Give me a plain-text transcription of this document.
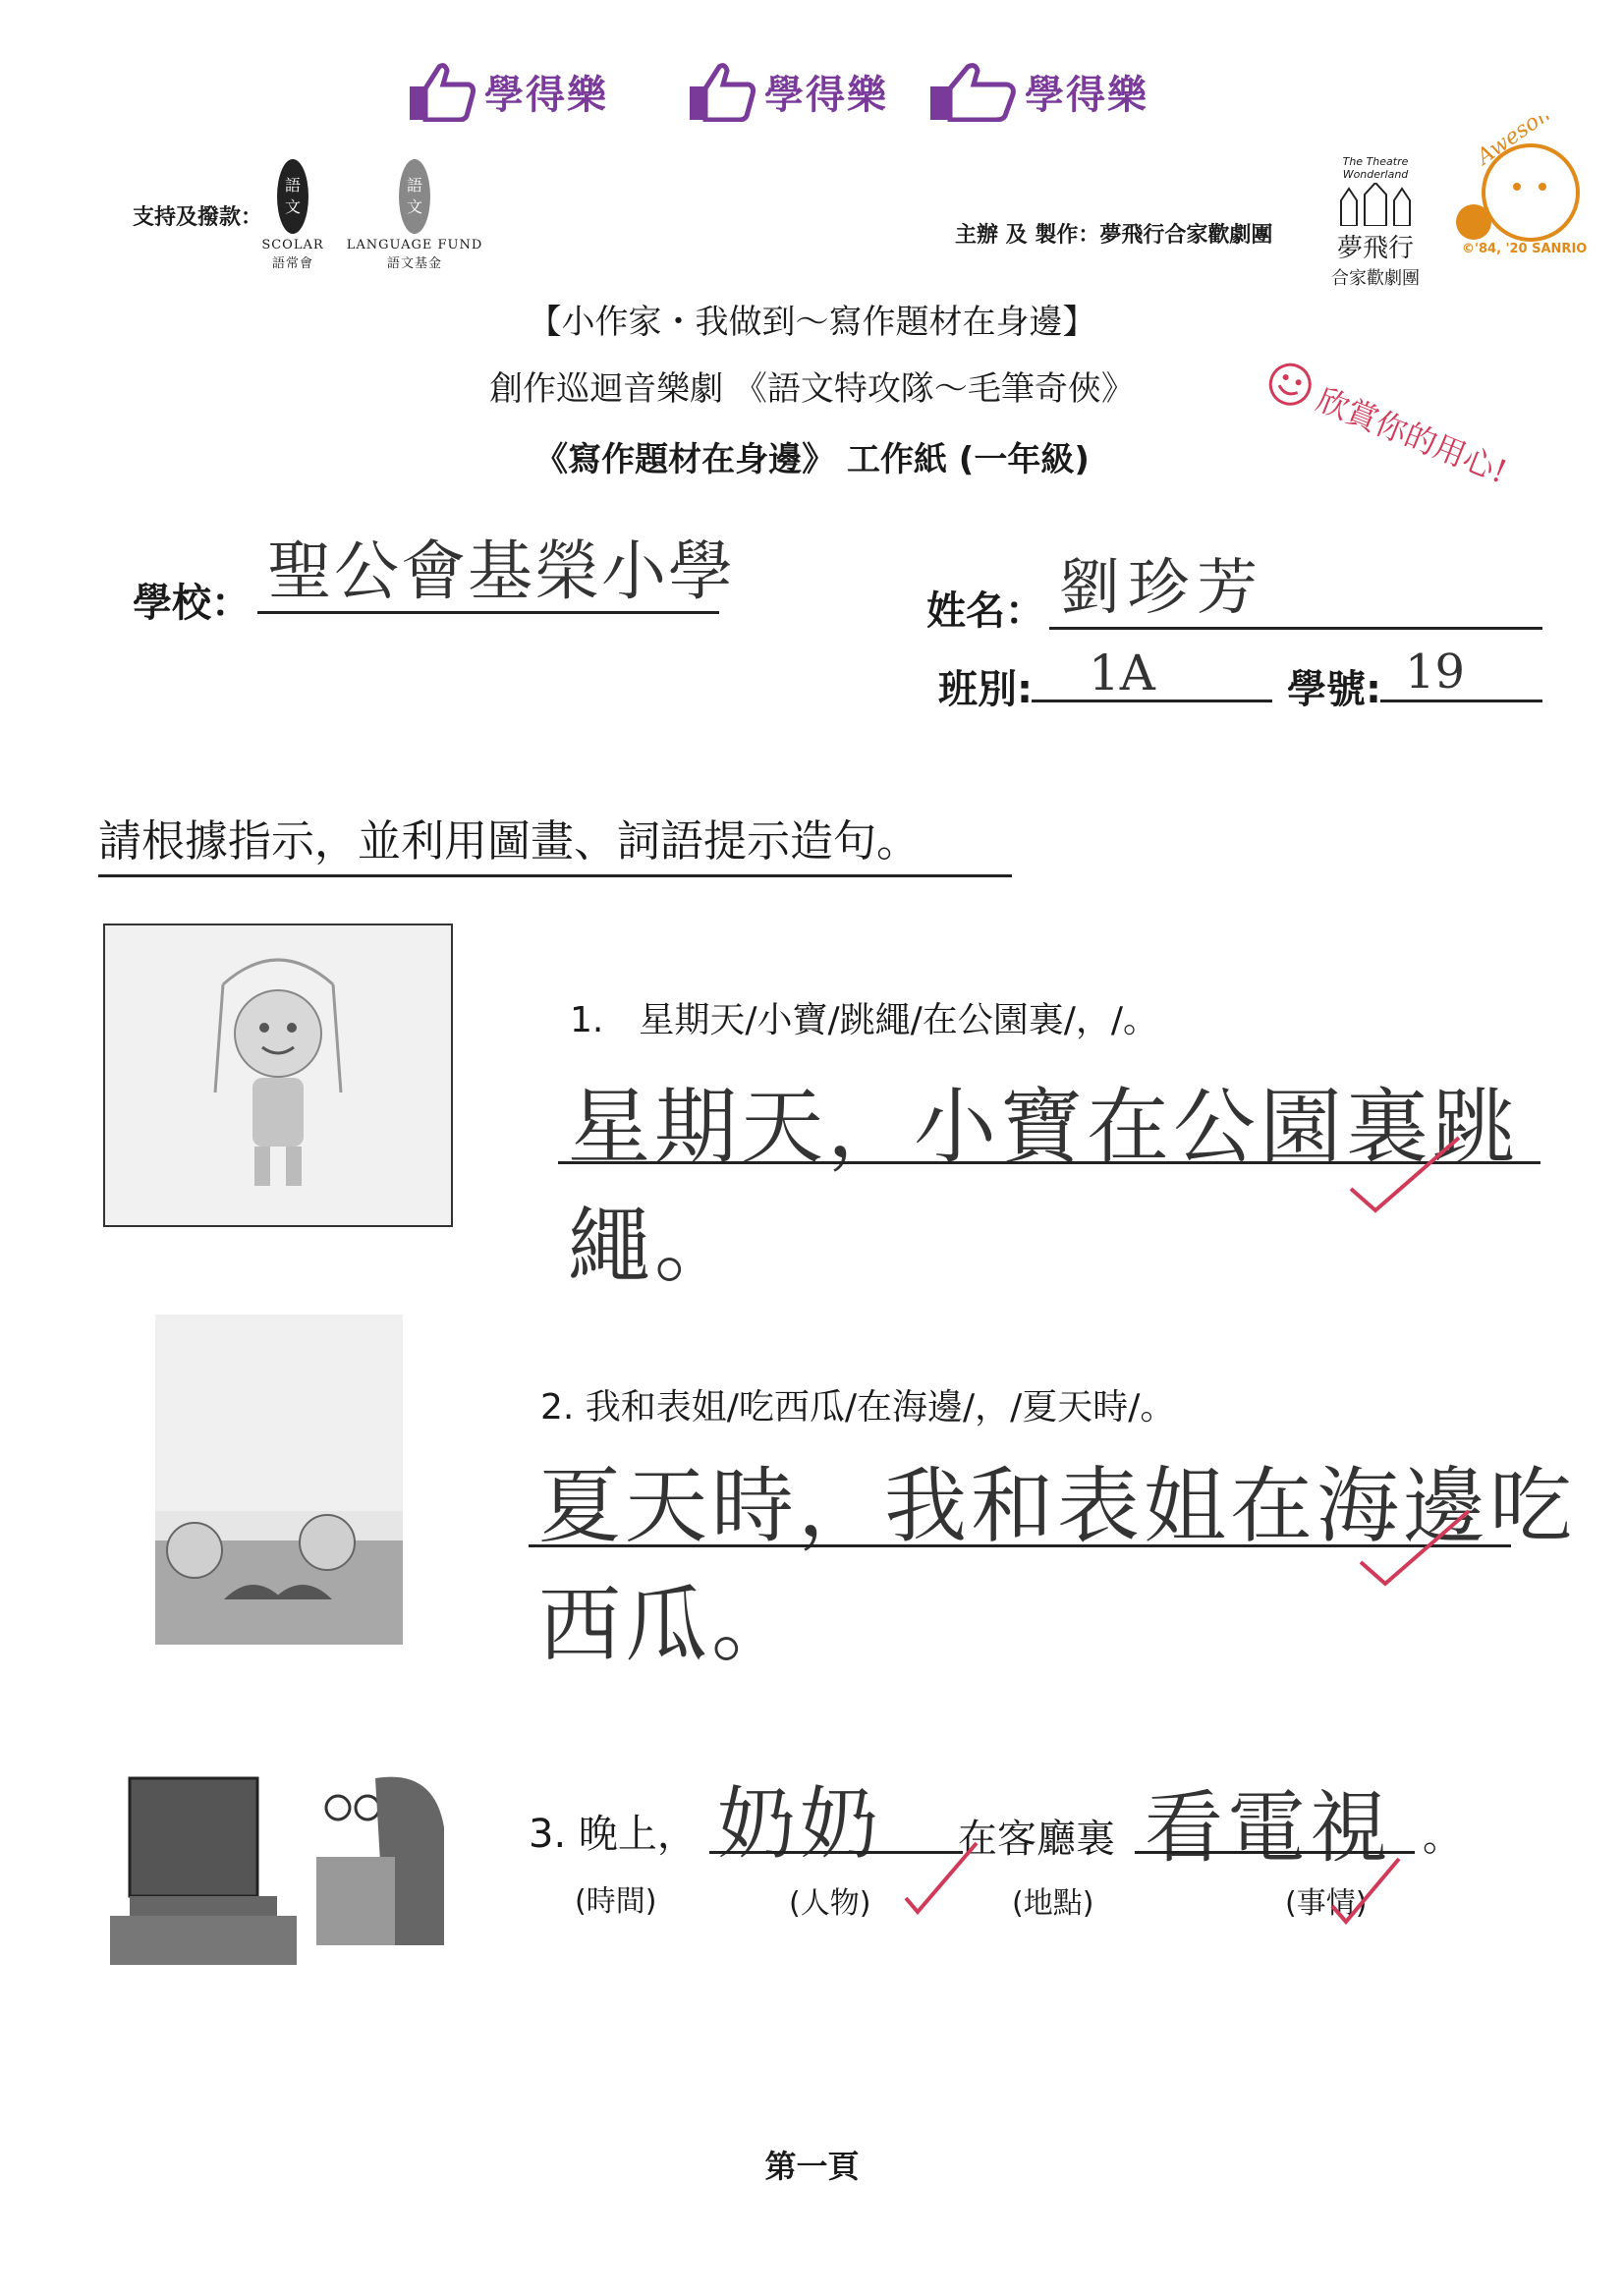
學得樂	學得樂	學得樂
支持及撥款：
語
文
SCOLAR
語常會
語
文
LANGUAGE FUND
語文基金
主辦 及 製作：夢飛行合家歡劇團
The Theatre Wonderland
夢飛行
合家歡劇團
Awesome
©'84, '20 SANRIO
【小作家・我做到～寫作題材在身邊】
創作巡迴音樂劇 《語文特攻隊～毛筆奇俠》
《寫作題材在身邊》 工作紙 (一年級)	欣賞你的用心!
學校： 聖公會基榮小學
姓名： 劉珍芳
班別: 1A	學號: 19
請根據指示，並利用圖畫、詞語提示造句。
1.　星期天/小寶/跳繩/在公園裏/，/。
星期天，小寶在公園裏跳繩。
2. 我和表姐/吃西瓜/在海邊/，/夏天時/。
夏天時，我和表姐在海邊吃西瓜。
3. 晚上， 奶奶 在客廳裏 看電視 。
(時間)	(人物)	(地點)	(事情)
第一頁
